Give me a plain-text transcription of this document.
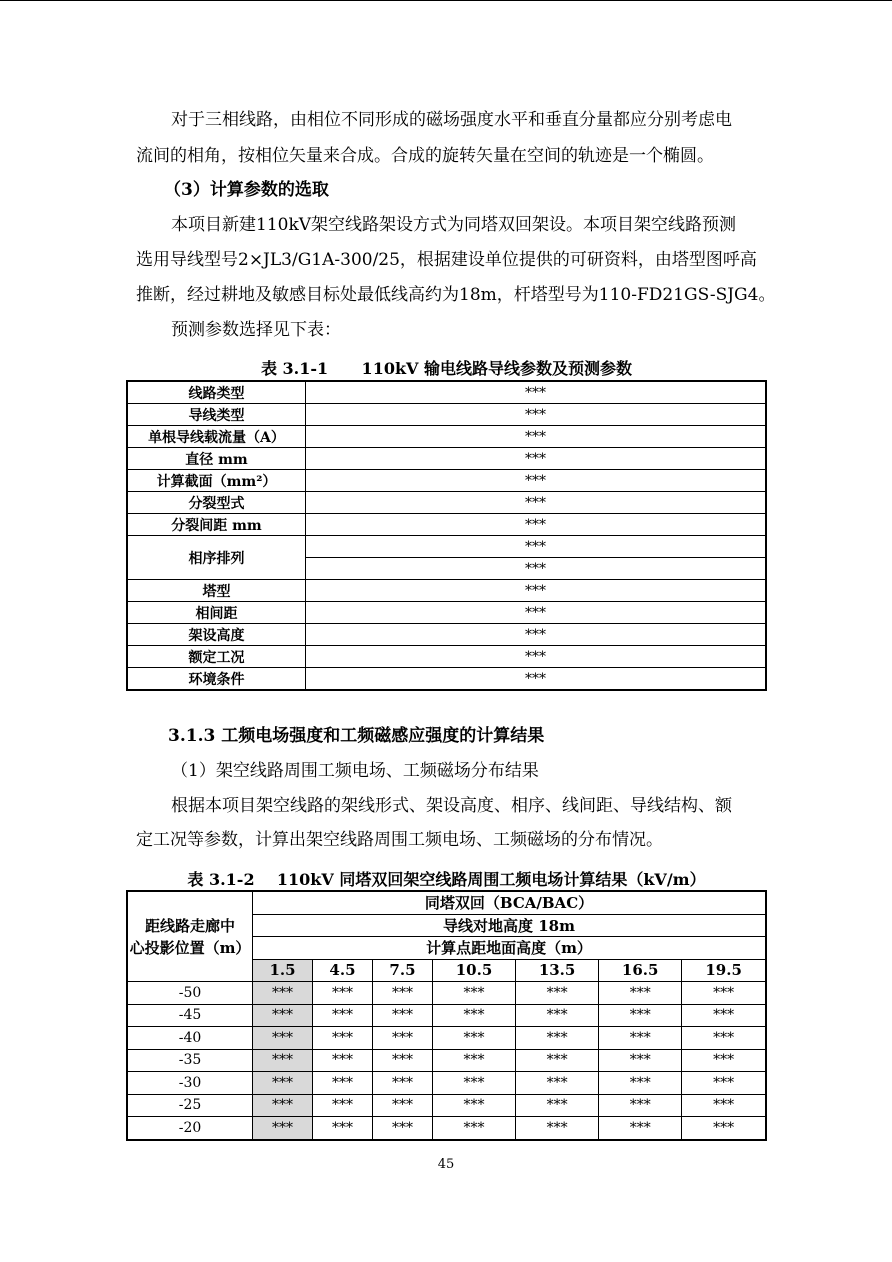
对于三相线路，由相位不同形成的磁场强度水平和垂直分量都应分别考虑电
流间的相角，按相位矢量来合成。合成的旋转矢量在空间的轨迹是一个椭圆。
（3）计算参数的选取
本项目新建110kV架空线路架设方式为同塔双回架设。本项目架空线路预测
选用导线型号2×JL3/G1A-300/25，根据建设单位提供的可研资料，由塔型图呼高
推断，经过耕地及敏感目标处最低线高约为18m，杆塔型号为110-FD21GS-SJG4。
预测参数选择见下表：
表 3.1-1      110kV 输电线路导线参数及预测参数
线路类型	***
导线类型	***
单根导线载流量（A）	***
直径 mm	***
计算截面（mm²）	***
分裂型式	***
分裂间距 mm	***
相序排列	***
	***
塔型	***
相间距	***
架设高度	***
额定工况	***
环境条件	***
3.1.3 工频电场强度和工频磁感应强度的计算结果
（1）架空线路周围工频电场、工频磁场分布结果
根据本项目架空线路的架线形式、架设高度、相序、线间距、导线结构、额
定工况等参数，计算出架空线路周围工频电场、工频磁场的分布情况。
表 3.1-2    110kV 同塔双回架空线路周围工频电场计算结果（kV/m）
距线路走廊中
心投影位置（m）	同塔双回（BCA/BAC）						
	导线对地高度 18m						
	计算点距地面高度（m）						
	1.5	4.5	7.5	10.5	13.5	16.5	19.5
-50	***	***	***	***	***	***	***
-45	***	***	***	***	***	***	***
-40	***	***	***	***	***	***	***
-35	***	***	***	***	***	***	***
-30	***	***	***	***	***	***	***
-25	***	***	***	***	***	***	***
-20	***	***	***	***	***	***	***
45
